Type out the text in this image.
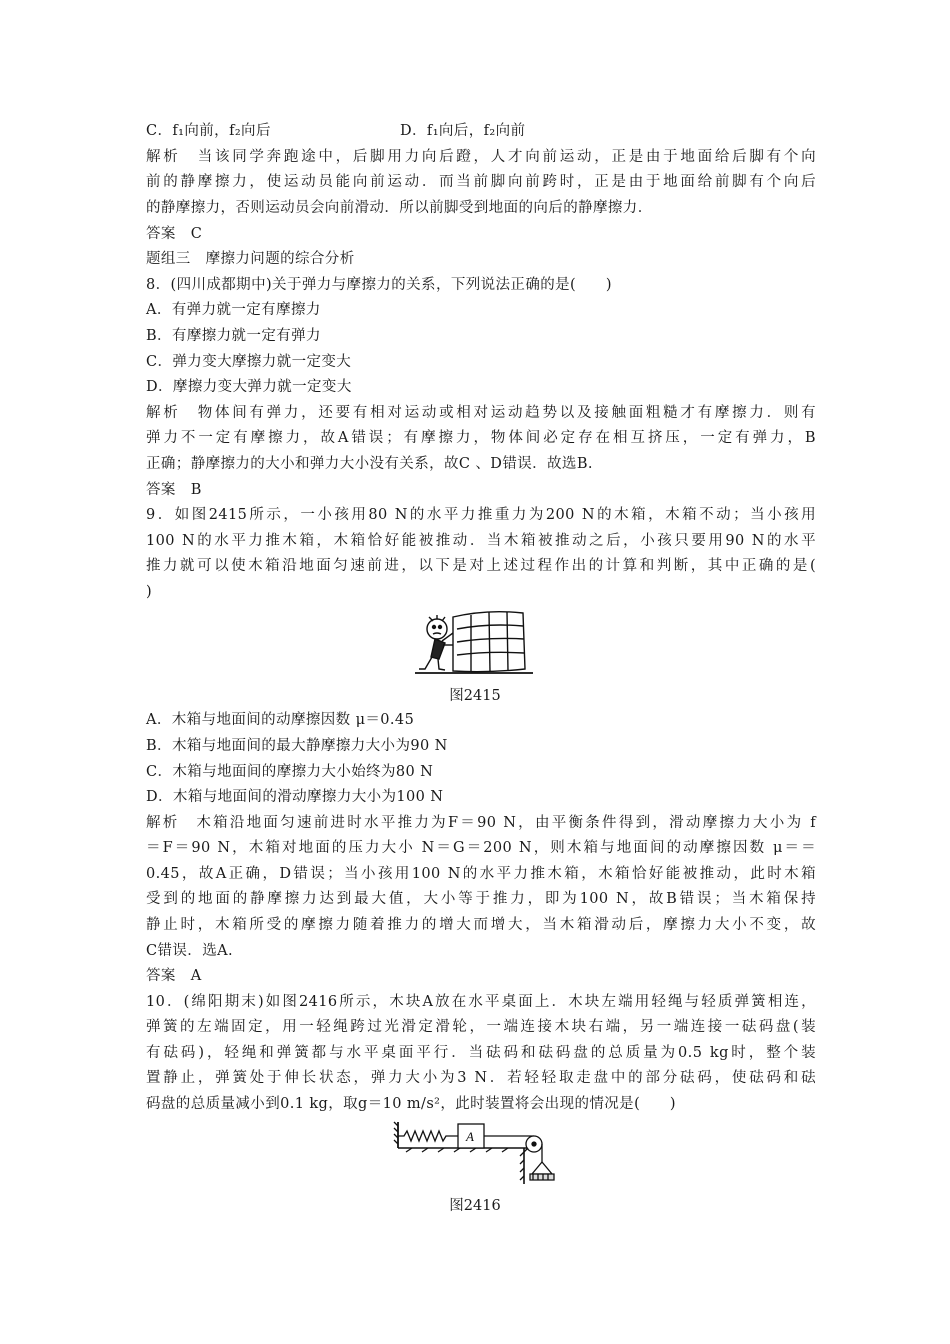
C．f₁向前，f₂向后	D．f₁向后，f₂向前
解析　当该同学奔跑途中，后脚用力向后蹬，人才向前运动，正是由于地面给后脚有个向
前的静摩擦力，使运动员能向前运动．而当前脚向前跨时，正是由于地面给前脚有个向后
的静摩擦力，否则运动员会向前滑动．所以前脚受到地面的向后的静摩擦力．
答案　C
题组三　摩擦力问题的综合分析
8．(四川成都期中)关于弹力与摩擦力的关系，下列说法正确的是(　　)
A．有弹力就一定有摩擦力
B．有摩擦力就一定有弹力
C．弹力变大摩擦力就一定变大
D．摩擦力变大弹力就一定变大
解析　物体间有弹力，还要有相对运动或相对运动趋势以及接触面粗糙才有摩擦力．则有
弹力不一定有摩擦力，故A错误；有摩擦力，物体间必定存在相互挤压，一定有弹力，B
正确；静摩擦力的大小和弹力大小没有关系，故C 、D错误．故选B.
答案　B
9．如图2415所示，一小孩用80 N的水平力推重力为200 N的木箱，木箱不动；当小孩用
100 N的水平力推木箱，木箱恰好能被推动．当木箱被推动之后，小孩只要用90 N的水平
推力就可以使木箱沿地面匀速前进，以下是对上述过程作出的计算和判断，其中正确的是(
)
图2415
A．木箱与地面间的动摩擦因数 μ＝0.45
B．木箱与地面间的最大静摩擦力大小为90 N
C．木箱与地面间的摩擦力大小始终为80 N
D．木箱与地面间的滑动摩擦力大小为100 N
解析　木箱沿地面匀速前进时水平推力为F＝90 N，由平衡条件得到，滑动摩擦力大小为 f
＝F＝90 N，木箱对地面的压力大小 N＝G＝200 N，则木箱与地面间的动摩擦因数 μ＝＝
0.45，故A正确，D错误；当小孩用100 N的水平力推木箱，木箱恰好能被推动，此时木箱
受到的地面的静摩擦力达到最大值，大小等于推力，即为100 N，故B错误；当木箱保持
静止时，木箱所受的摩擦力随着推力的增大而增大，当木箱滑动后，摩擦力大小不变，故
C错误．选A.
答案　A
10．(绵阳期末)如图2416所示，木块A放在水平桌面上．木块左端用轻绳与轻质弹簧相连，
弹簧的左端固定，用一轻绳跨过光滑定滑轮，一端连接木块右端，另一端连接一砝码盘(装
有砝码)，轻绳和弹簧都与水平桌面平行．当砝码和砝码盘的总质量为0.5 kg时，整个装
置静止，弹簧处于伸长状态，弹力大小为3 N．若轻轻取走盘中的部分砝码，使砝码和砝
码盘的总质量减小到0.1 kg，取g＝10 m/s²，此时装置将会出现的情况是(　　)
A
图2416
